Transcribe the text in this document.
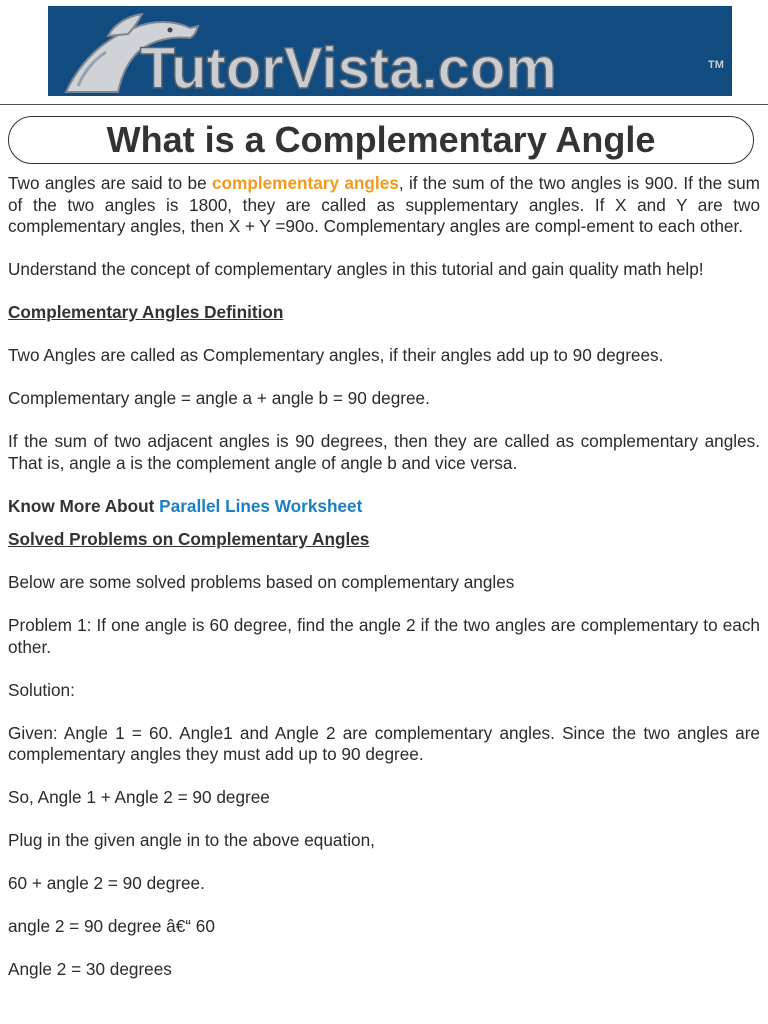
TutorVista.com	TM
What is a Complementary Angle

Two angles are said to be complementary angles, if the sum of the two angles is 900. If the sum of the two angles is 1800, they are called as supplementary angles. If X and Y are two complementary angles, then X + Y =90o. Complementary angles are compl-ement to each other.

Understand the concept of complementary angles in this tutorial and gain quality math help!

Complementary Angles Definition

Two Angles are called as Complementary angles, if their angles add up to 90 degrees.

Complementary angle = angle a + angle b = 90 degree.

If the sum of two adjacent angles is 90 degrees, then they are called as complementary angles. That is, angle a is the complement angle of angle b and vice versa.

Know More About Parallel Lines Worksheet

Solved Problems on Complementary Angles

Below are some solved problems based on complementary angles

Problem 1: If one angle is 60 degree, find the angle 2 if the two angles are complementary to each other.

Solution:

Given: Angle 1 = 60. Angle1 and Angle 2 are complementary angles. Since the two angles are complementary angles they must add up to 90 degree.

So, Angle 1 + Angle 2 = 90 degree

Plug in the given angle in to the above equation,

60 + angle 2 = 90 degree.

angle 2 = 90 degree â€“ 60

Angle 2 = 30 degrees
